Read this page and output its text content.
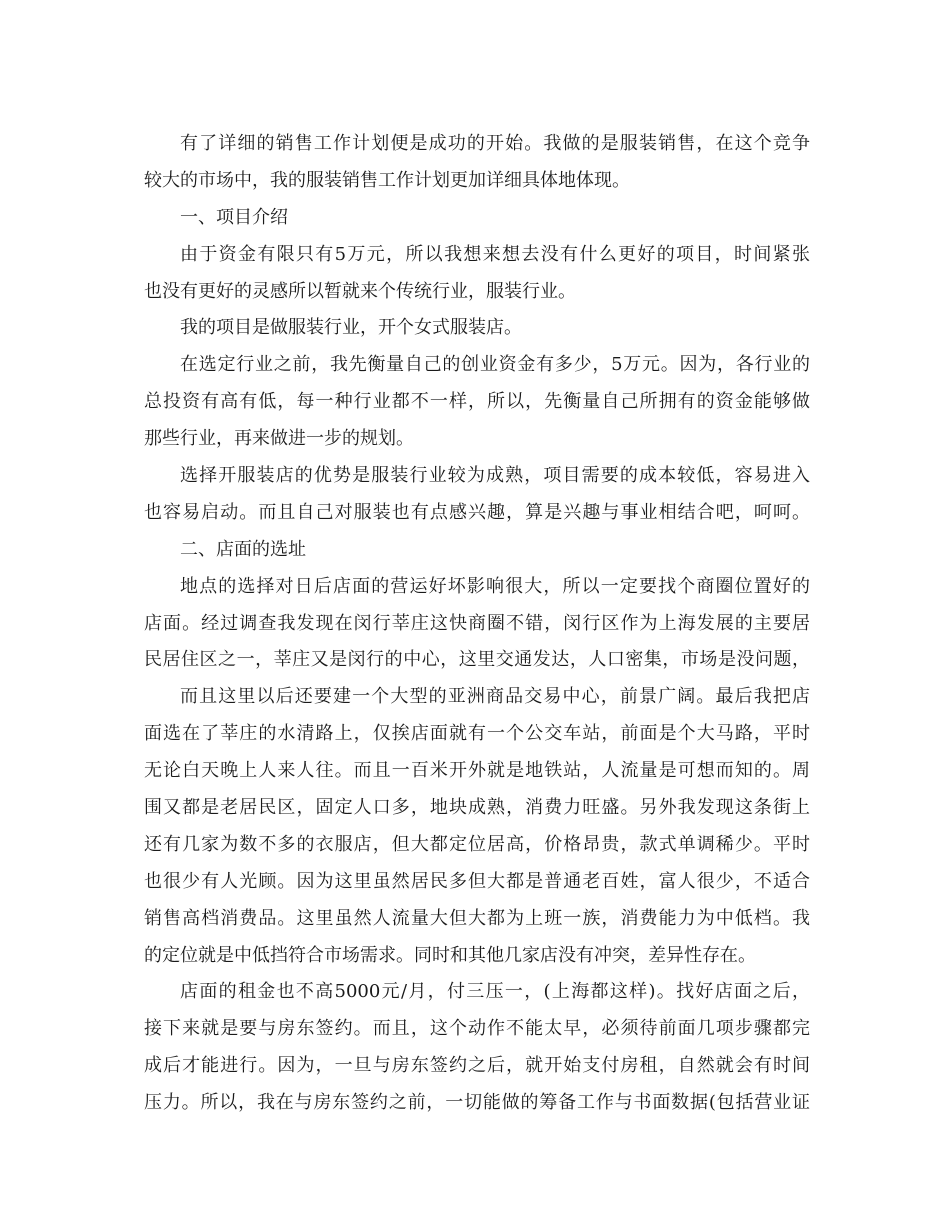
有了详细的销售工作计划便是成功的开始。我做的是服装销售，在这个竞争

较大的市场中，我的服装销售工作计划更加详细具体地体现。

一、项目介绍

由于资金有限只有5万元，所以我想来想去没有什么更好的项目，时间紧张

也没有更好的灵感所以暂就来个传统行业，服装行业。

我的项目是做服装行业，开个女式服装店。

在选定行业之前，我先衡量自己的创业资金有多少，5万元。因为，各行业的

总投资有高有低，每一种行业都不一样，所以，先衡量自己所拥有的资金能够做

那些行业，再来做进一步的规划。

选择开服装店的优势是服装行业较为成熟，项目需要的成本较低，容易进入

也容易启动。而且自己对服装也有点感兴趣，算是兴趣与事业相结合吧，呵呵。

二、店面的选址

地点的选择对日后店面的营运好坏影响很大，所以一定要找个商圈位置好的

店面。经过调查我发现在闵行莘庄这快商圈不错，闵行区作为上海发展的主要居

民居住区之一，莘庄又是闵行的中心，这里交通发达，人口密集，市场是没问题，

而且这里以后还要建一个大型的亚洲商品交易中心，前景广阔。最后我把店

面选在了莘庄的水清路上，仅挨店面就有一个公交车站，前面是个大马路，平时

无论白天晚上人来人往。而且一百米开外就是地铁站，人流量是可想而知的。周

围又都是老居民区，固定人口多，地块成熟，消费力旺盛。另外我发现这条街上

还有几家为数不多的衣服店，但大都定位居高，价格昂贵，款式单调稀少。平时

也很少有人光顾。因为这里虽然居民多但大都是普通老百姓，富人很少，不适合

销售高档消费品。这里虽然人流量大但大都为上班一族，消费能力为中低档。我

的定位就是中低挡符合市场需求。同时和其他几家店没有冲突，差异性存在。

店面的租金也不高5000元/月，付三压一，(上海都这样)。找好店面之后，

接下来就是要与房东签约。而且，这个动作不能太早，必须待前面几项步骤都完

成后才能进行。因为，一旦与房东签约之后，就开始支付房租，自然就会有时间

压力。所以，我在与房东签约之前，一切能做的筹备工作与书面数据(包括营业证
